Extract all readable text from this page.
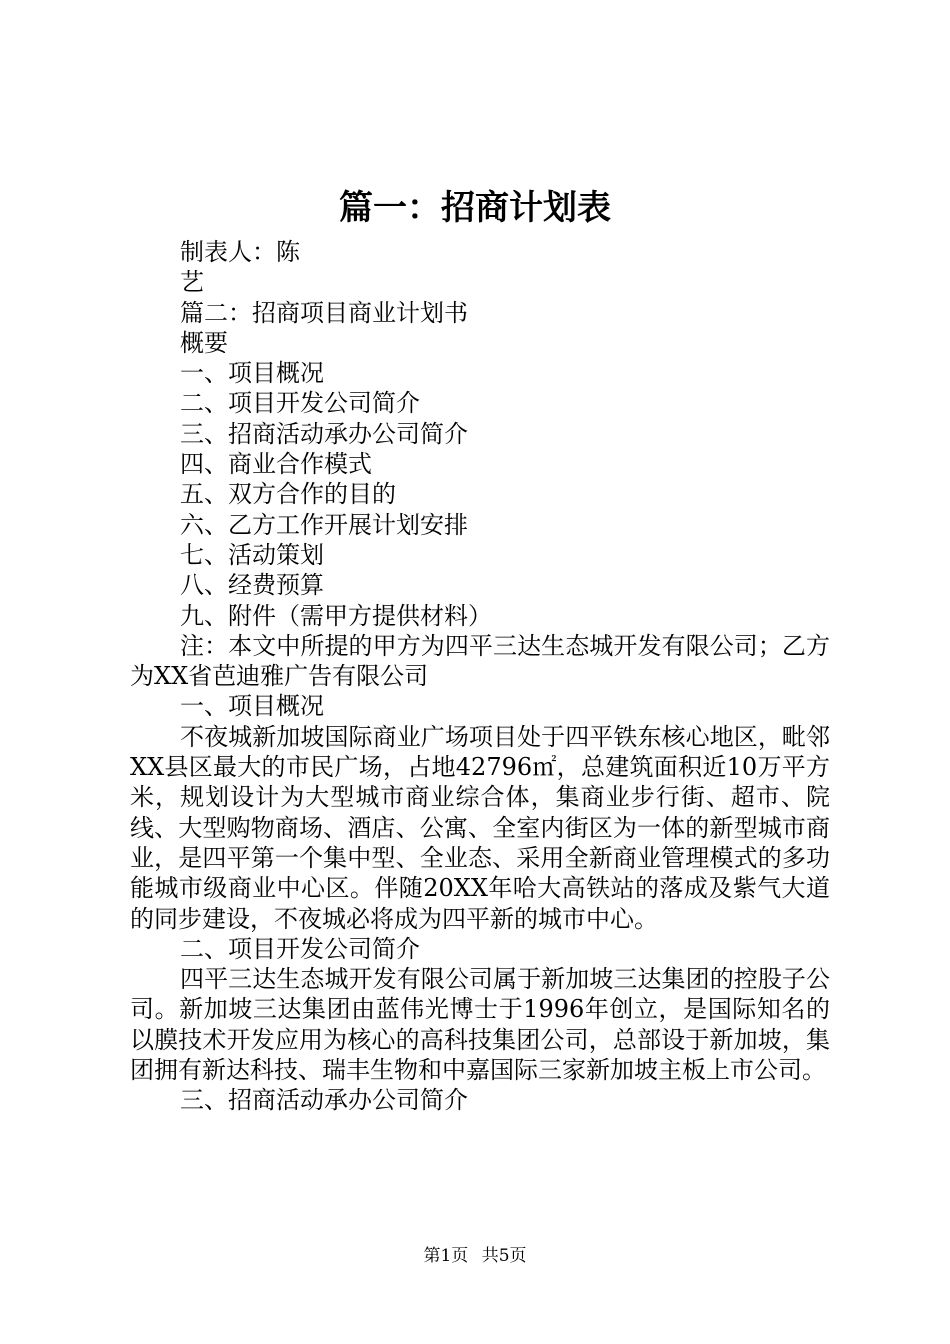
篇一：招商计划表

制表人：陈

艺

篇二：招商项目商业计划书

概要

一、项目概况

二、项目开发公司简介

三、招商活动承办公司简介

四、商业合作模式

五、双方合作的目的

六、乙方工作开展计划安排

七、活动策划

八、经费预算

九、附件（需甲方提供材料）

注：本文中所提的甲方为四平三达生态城开发有限公司；乙方为XX省芭迪雅广告有限公司

一、项目概况

不夜城新加坡国际商业广场项目处于四平铁东核心地区，毗邻XX县区最大的市民广场，占地42796㎡，总建筑面积近10万平方米，规划设计为大型城市商业综合体，集商业步行街、超市、院线、大型购物商场、酒店、公寓、全室内街区为一体的新型城市商业，是四平第一个集中型、全业态、采用全新商业管理模式的多功能城市级商业中心区。伴随20XX年哈大高铁站的落成及紫气大道的同步建设，不夜城必将成为四平新的城市中心。

二、项目开发公司简介

四平三达生态城开发有限公司属于新加坡三达集团的控股子公司。新加坡三达集团由蓝伟光博士于1996年创立，是国际知名的以膜技术开发应用为核心的高科技集团公司，总部设于新加坡，集团拥有新达科技、瑞丰生物和中嘉国际三家新加坡主板上市公司。

三、招商活动承办公司简介

第1页 共5页
